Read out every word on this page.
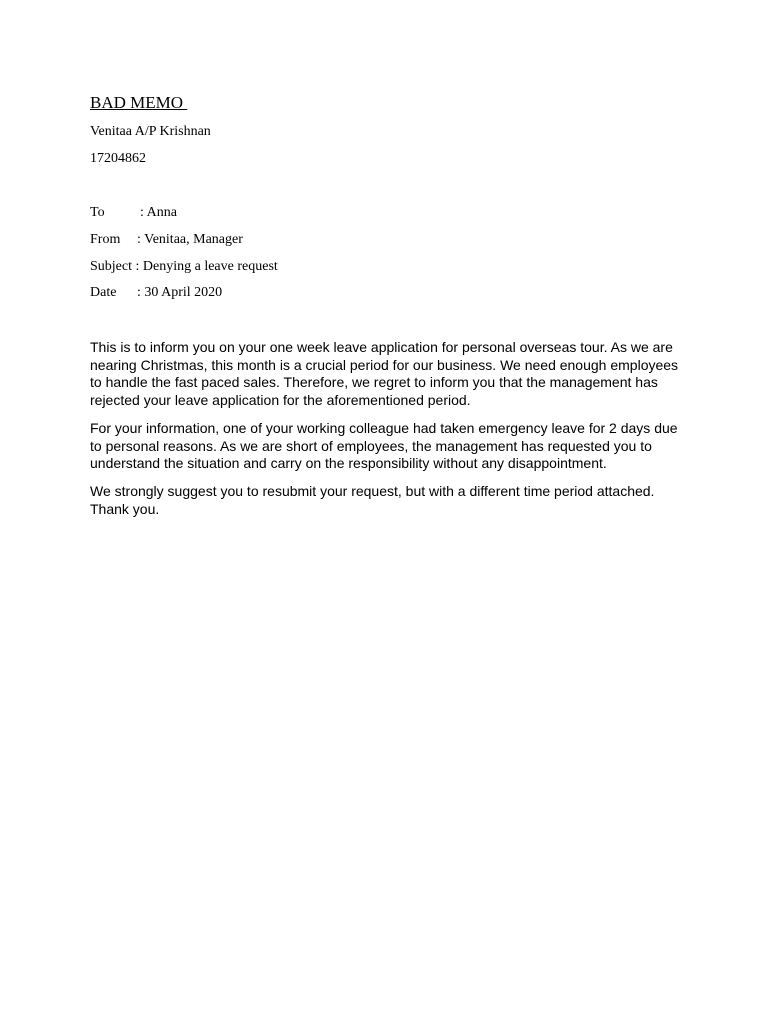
BAD MEMO
Venitaa A/P Krishnan
17204862
To	: Anna
From : Venitaa, Manager
Subject : Denying a leave request
Date : 30 April 2020

This is to inform you on your one week leave application for personal overseas tour. As we are nearing Christmas, this month is a crucial period for our business. We need enough employees to handle the fast paced sales. Therefore, we regret to inform you that the management has rejected your leave application for the aforementioned period.

For your information, one of your working colleague had taken emergency leave for 2 days due to personal reasons. As we are short of employees, the management has requested you to understand the situation and carry on the responsibility without any disappointment.

We strongly suggest you to resubmit your request, but with a different time period attached. Thank you.
